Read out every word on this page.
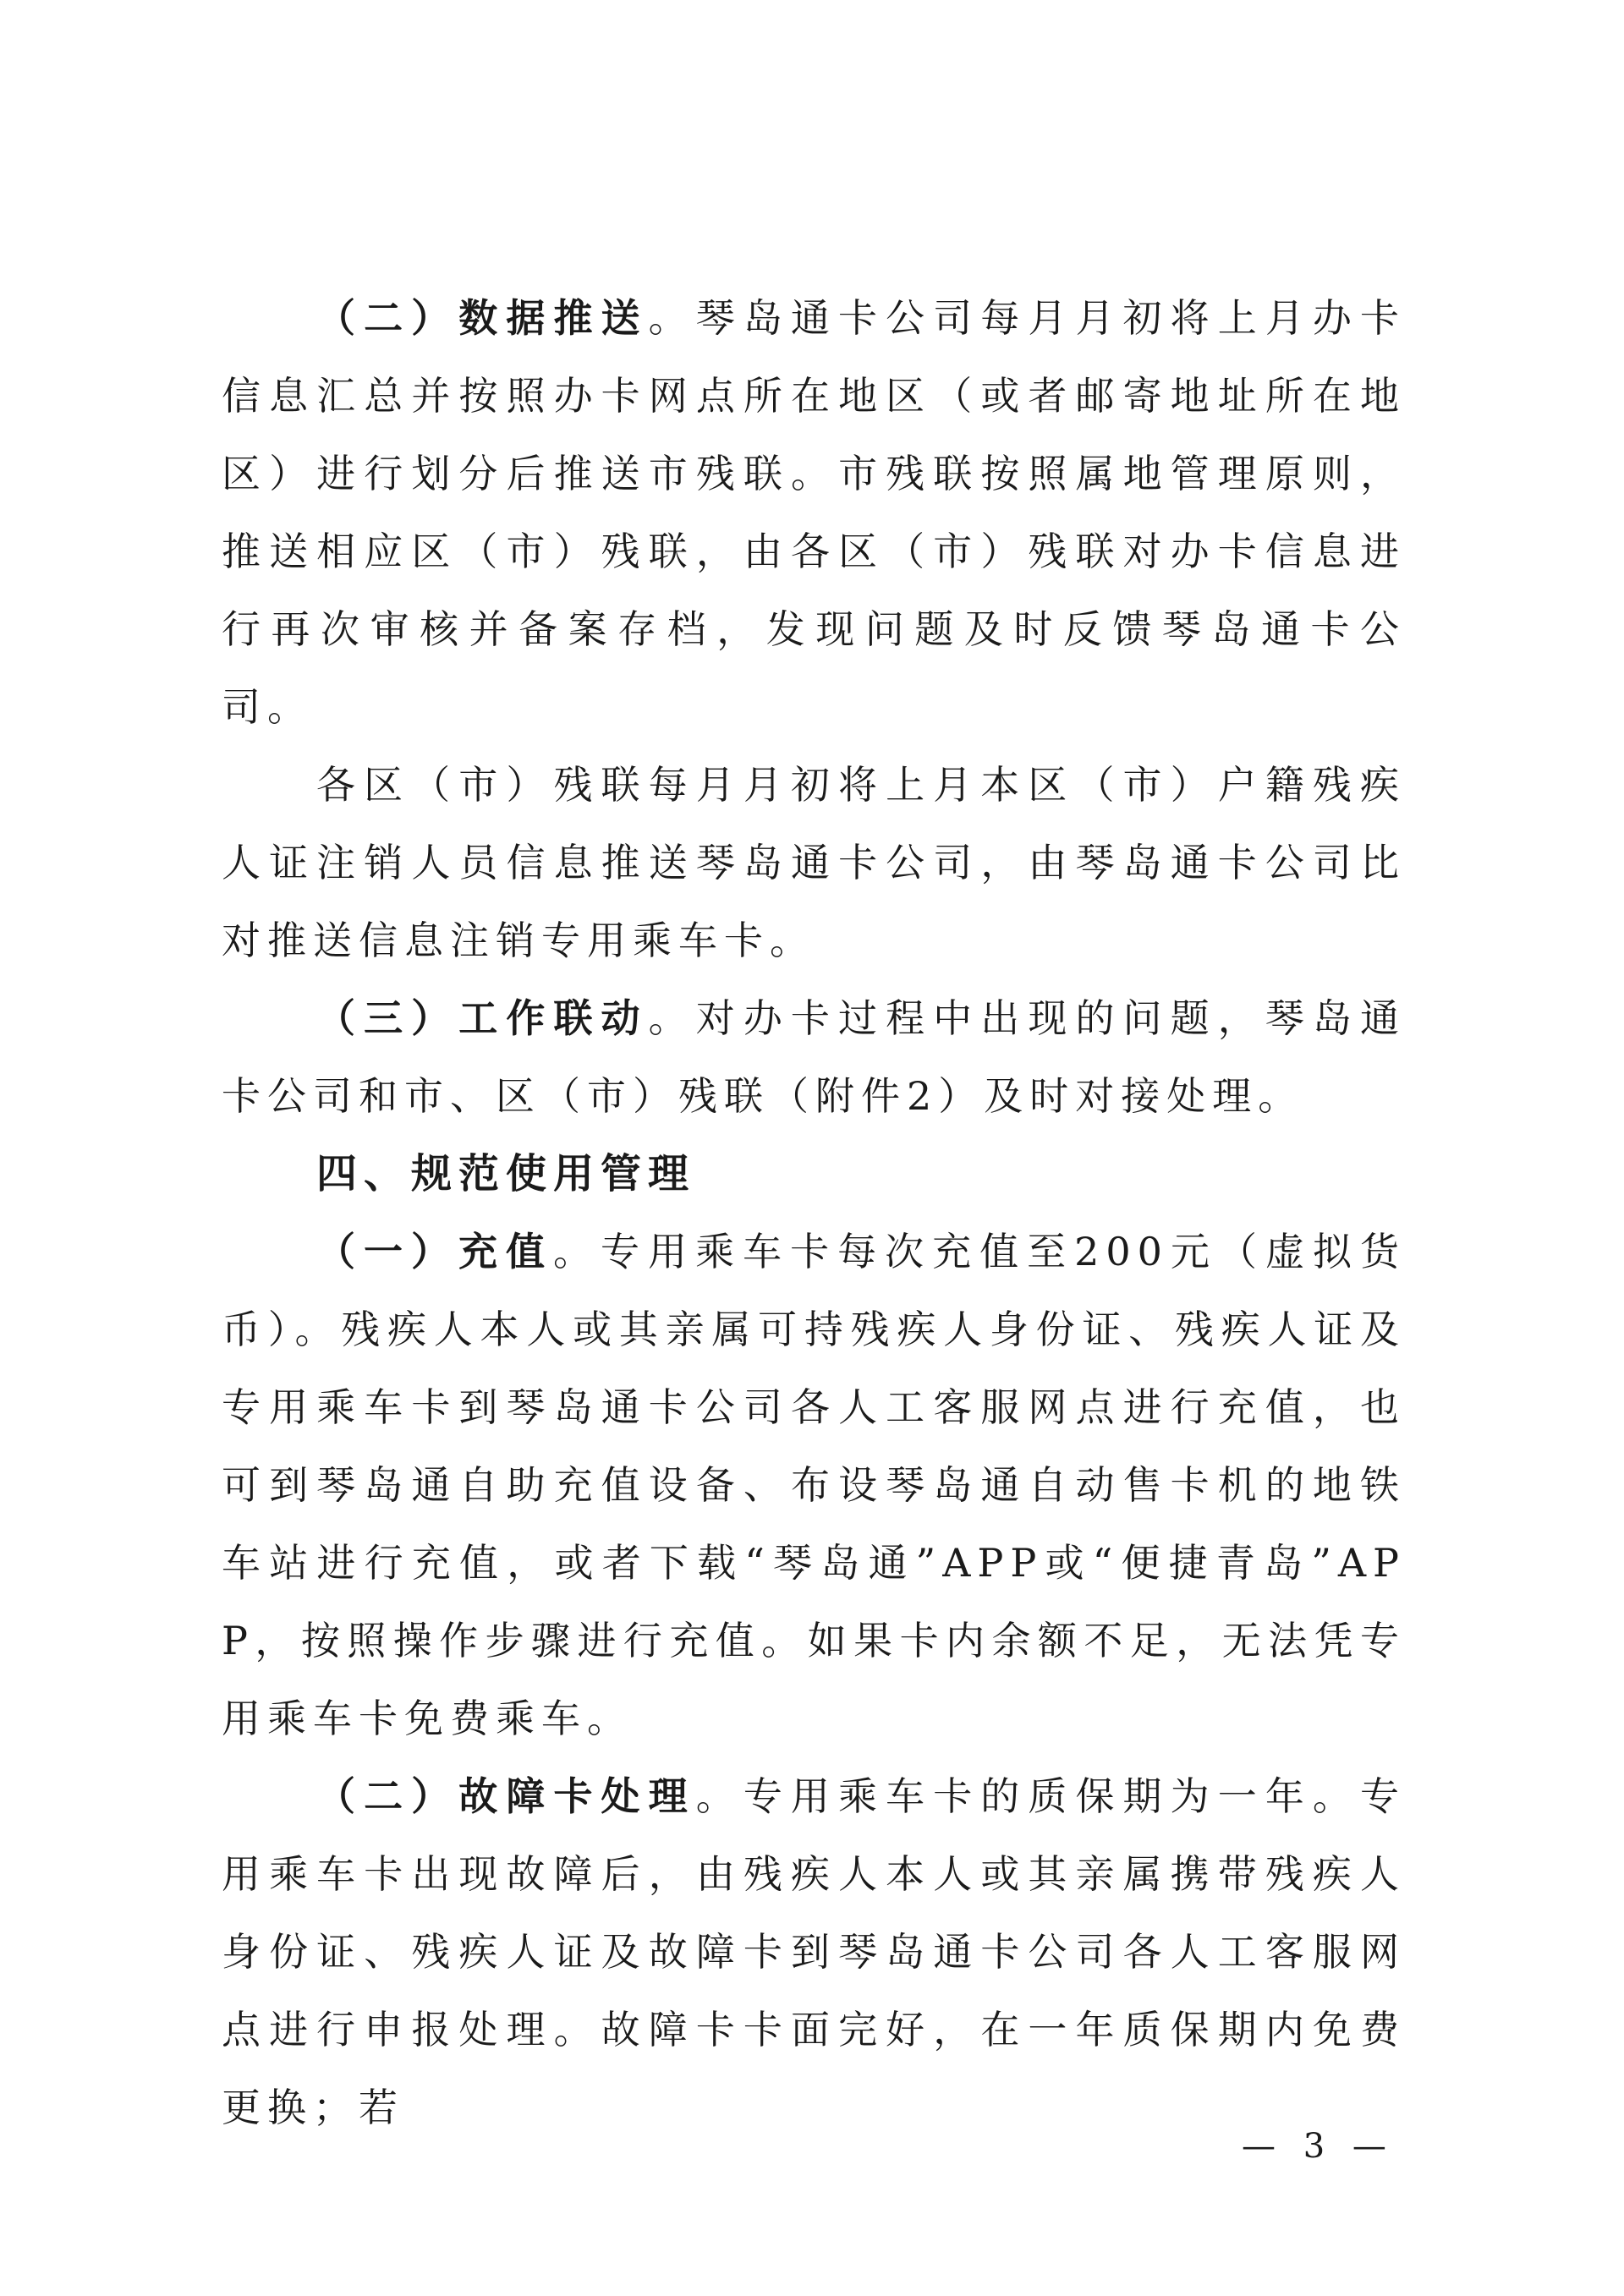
（二）数据推送。琴岛通卡公司每月月初将上月办卡信息汇总并按照办卡网点所在地区（或者邮寄地址所在地区）进行划分后推送市残联。市残联按照属地管理原则，推送相应区（市）残联，由各区（市）残联对办卡信息进行再次审核并备案存档，发现问题及时反馈琴岛通卡公司。

各区（市）残联每月月初将上月本区（市）户籍残疾人证注销人员信息推送琴岛通卡公司，由琴岛通卡公司比对推送信息注销专用乘车卡。

（三）工作联动。对办卡过程中出现的问题，琴岛通卡公司和市、区（市）残联（附件2）及时对接处理。

四、规范使用管理

（一）充值。专用乘车卡每次充值至200元（虚拟货币）。残疾人本人或其亲属可持残疾人身份证、残疾人证及专用乘车卡到琴岛通卡公司各人工客服网点进行充值，也可到琴岛通自助充值设备、布设琴岛通自动售卡机的地铁车站进行充值，或者下载“琴岛通”APP或“便捷青岛”APP，按照操作步骤进行充值。如果卡内余额不足，无法凭专用乘车卡免费乘车。

（二）故障卡处理。专用乘车卡的质保期为一年。专用乘车卡出现故障后，由残疾人本人或其亲属携带残疾人身份证、残疾人证及故障卡到琴岛通卡公司各人工客服网点进行申报处理。故障卡卡面完好，在一年质保期内免费更换；若

— 3 —
